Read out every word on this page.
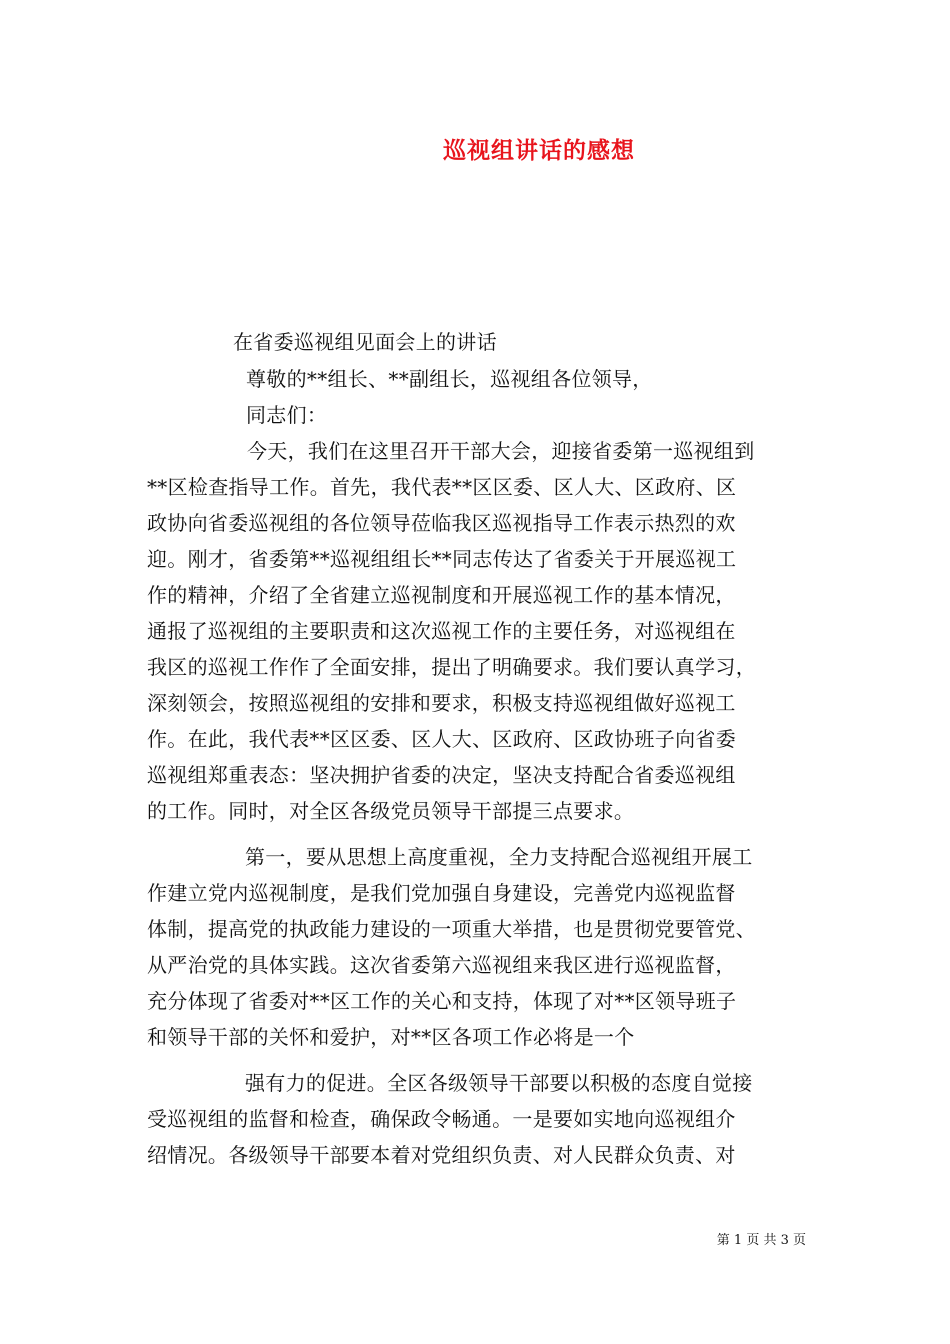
巡视组讲话的感想
在省委巡视组见面会上的讲话
尊敬的**组长、**副组长，巡视组各位领导，
同志们：
今天，我们在这里召开干部大会，迎接省委第一巡视组到
**区检查指导工作。首先，我代表**区区委、区人大、区政府、区
政协向省委巡视组的各位领导莅临我区巡视指导工作表示热烈的欢
迎。刚才，省委第**巡视组组长**同志传达了省委关于开展巡视工
作的精神，介绍了全省建立巡视制度和开展巡视工作的基本情况，
通报了巡视组的主要职责和这次巡视工作的主要任务，对巡视组在
我区的巡视工作作了全面安排，提出了明确要求。我们要认真学习，
深刻领会，按照巡视组的安排和要求，积极支持巡视组做好巡视工
作。在此，我代表**区区委、区人大、区政府、区政协班子向省委
巡视组郑重表态：坚决拥护省委的决定，坚决支持配合省委巡视组
的工作。同时，对全区各级党员领导干部提三点要求。
第一，要从思想上高度重视，全力支持配合巡视组开展工
作建立党内巡视制度，是我们党加强自身建设，完善党内巡视监督
体制，提高党的执政能力建设的一项重大举措，也是贯彻党要管党、
从严治党的具体实践。这次省委第六巡视组来我区进行巡视监督，
充分体现了省委对**区工作的关心和支持，体现了对**区领导班子
和领导干部的关怀和爱护，对**区各项工作必将是一个
强有力的促进。全区各级领导干部要以积极的态度自觉接
受巡视组的监督和检查，确保政令畅通。一是要如实地向巡视组介
绍情况。各级领导干部要本着对党组织负责、对人民群众负责、对
第 1 页 共 3 页
